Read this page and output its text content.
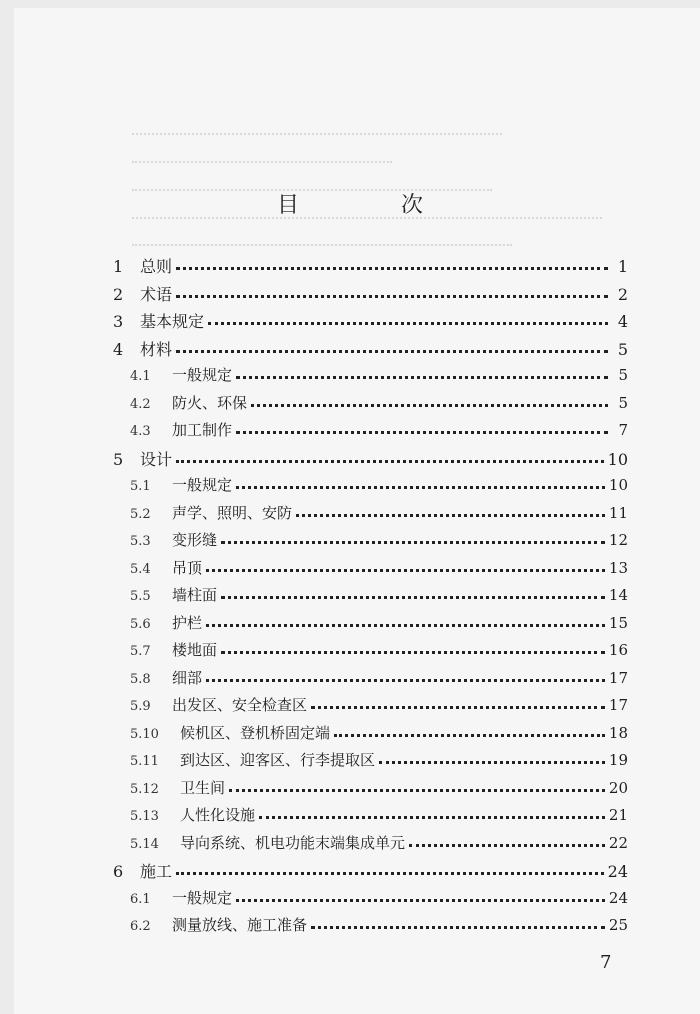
目　次
1	总则	1
2	术语	2
3	基本规定	4
4	材料	5
4.1	一般规定	5
4.2	防火、环保	5
4.3	加工制作	7
5	设计	10
5.1	一般规定	10
5.2	声学、照明、安防	11
5.3	变形缝	12
5.4	吊顶	13
5.5	墙柱面	14
5.6	护栏	15
5.7	楼地面	16
5.8	细部	17
5.9	出发区、安全检查区	17
5.10	候机区、登机桥固定端	18
5.11	到达区、迎客区、行李提取区	19
5.12	卫生间	20
5.13	人性化设施	21
5.14	导向系统、机电功能末端集成单元	22
6	施工	24
6.1	一般规定	24
6.2	测量放线、施工准备	25
7
